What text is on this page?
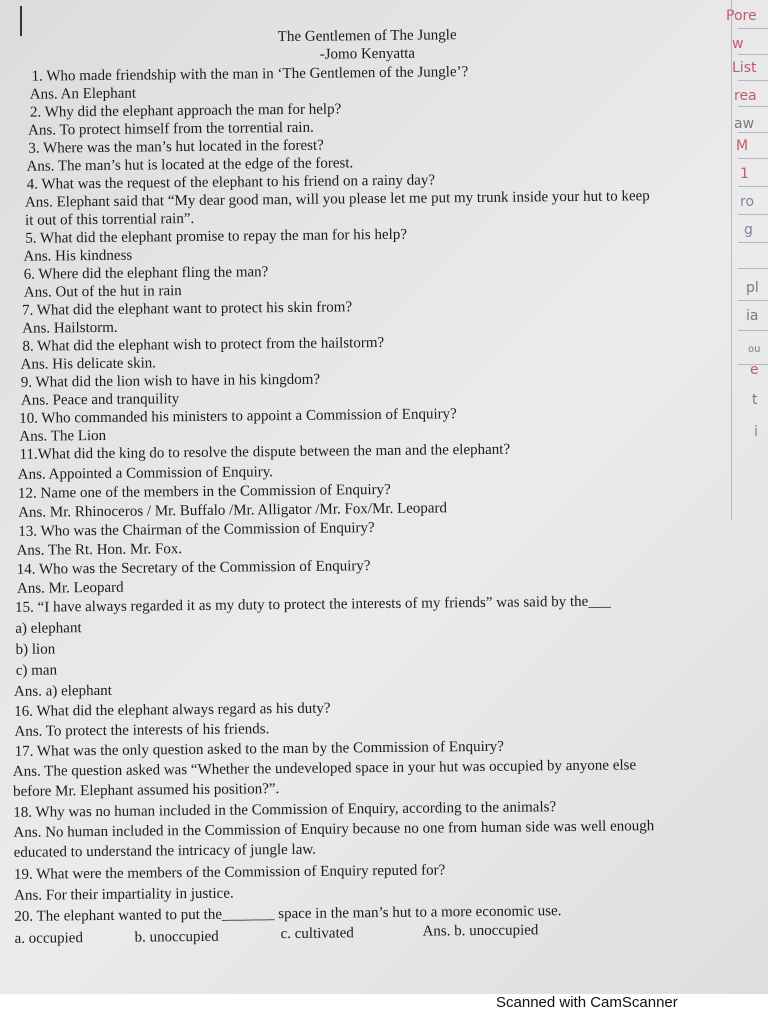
Pore
w
List
rea
aw
M
1
ro
g
pl
ia
ou
e
t
i
The Gentlemen of The Jungle
-Jomo Kenyatta
1. Who made friendship with the man in ‘The Gentlemen of the Jungle’?
Ans. An Elephant
2. Why did the elephant approach the man for help?
Ans. To protect himself from the torrential rain.
3. Where was the man’s hut located in the forest?
Ans. The man’s hut is located at the edge of the forest.
4. What was the request of the elephant to his friend on a rainy day?
Ans. Elephant said that “My dear good man, will you please let me put my trunk inside your hut to keep
it out of this torrential rain”.
5. What did the elephant promise to repay the man for his help?
Ans. His kindness
6. Where did the elephant fling the man?
Ans. Out of the hut in rain
7. What did the elephant want to protect his skin from?
Ans. Hailstorm.
8. What did the elephant wish to protect from the hailstorm?
Ans. His delicate skin.
9. What did the lion wish to have in his kingdom?
Ans. Peace and tranquility
10. Who commanded his ministers to appoint a Commission of Enquiry?
Ans. The Lion
11.What did the king do to resolve the dispute between the man and the elephant?
Ans. Appointed a Commission of Enquiry.
12. Name one of the members in the Commission of Enquiry?
Ans. Mr. Rhinoceros / Mr. Buffalo /Mr. Alligator /Mr. Fox/Mr. Leopard
13. Who was the Chairman of the Commission of Enquiry?
Ans. The Rt. Hon. Mr. Fox.
14. Who was the Secretary of the Commission of Enquiry?
Ans. Mr. Leopard
15. “I have always regarded it as my duty to protect the interests of my friends” was said by the___
a) elephant
b) lion
c) man
Ans. a) elephant
16. What did the elephant always regard as his duty?
Ans. To protect the interests of his friends.
17. What was the only question asked to the man by the Commission of Enquiry?
Ans. The question asked was “Whether the undeveloped space in your hut was occupied by anyone else
before Mr. Elephant assumed his position?”.
18. Why was no human included in the Commission of Enquiry, according to the animals?
Ans. No human included in the Commission of Enquiry because no one from human side was well enough
educated to understand the intricacy of jungle law.
19. What were the members of the Commission of Enquiry reputed for?
Ans. For their impartiality in justice.
20. The elephant wanted to put the_______ space in the man’s hut to a more economic use.
a. occupied	b. unoccupied	c. cultivated	Ans. b. unoccupied
Scanned with CamScanner
